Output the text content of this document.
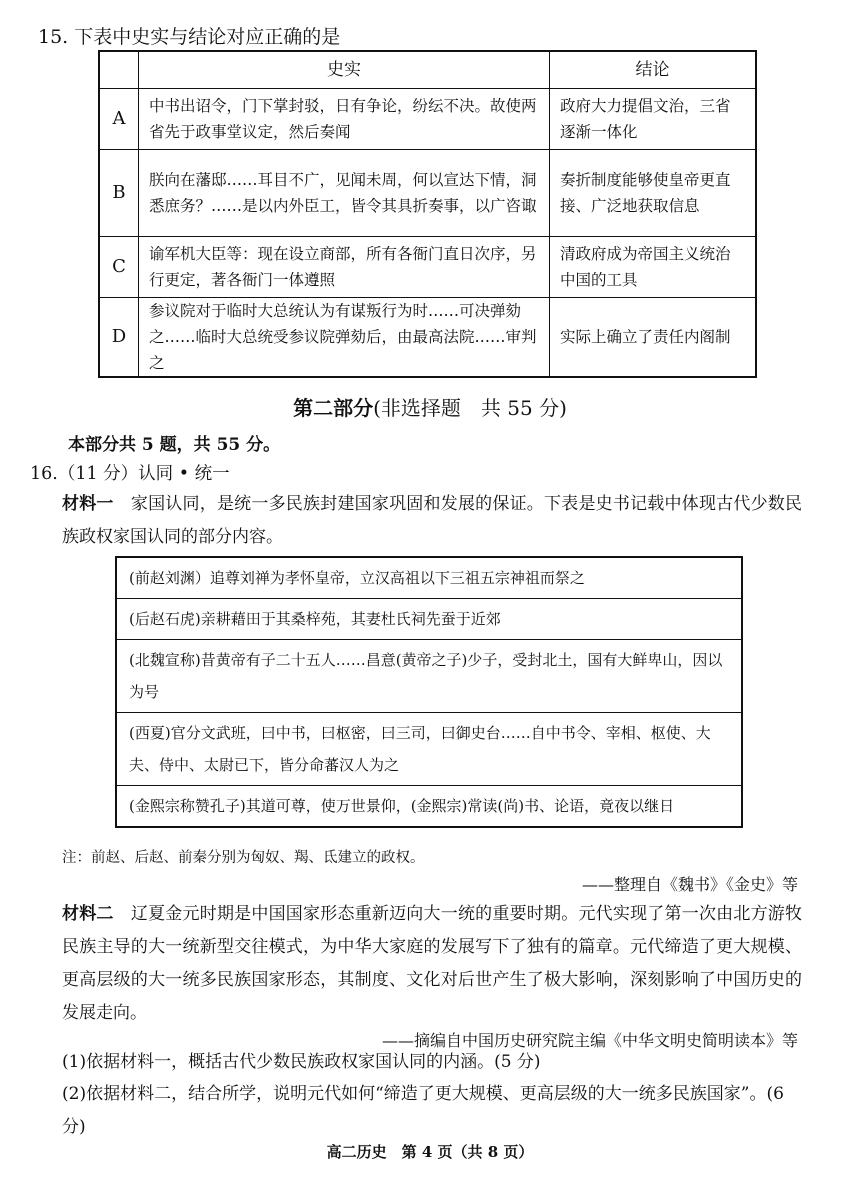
15. 下表中史实与结论对应正确的是
	史实	结论
A	中书出诏令，门下掌封驳，日有争论，纷纭不决。故使两省先于政事堂议定，然后奏闻	政府大力提倡文治，三省逐渐一体化
B	朕向在藩邸……耳目不广，见闻未周，何以宣达下情，洞悉庶务？……是以内外臣工，皆令其具折奏事，以广咨诹	奏折制度能够使皇帝更直接、广泛地获取信息
C	谕军机大臣等：现在设立商部，所有各衙门直日次序，另行更定，著各衙门一体遵照	清政府成为帝国主义统治中国的工具
D	参议院对于临时大总统认为有谋叛行为时……可决弹劾之……临时大总统受参议院弹劾后，由最高法院……审判之	实际上确立了责任内阁制
第二部分(非选择题　共 55 分)
本部分共 5 题，共 55 分。
16.（11 分）认同 • 统一
材料一　家国认同，是统一多民族封建国家巩固和发展的保证。下表是史书记载中体现古代少数民族政权家国认同的部分内容。
(前赵刘渊）追尊刘禅为孝怀皇帝，立汉高祖以下三祖五宗神祖而祭之
(后赵石虎)亲耕藉田于其桑梓苑，其妻杜氏祠先蚕于近郊
(北魏宣称)昔黄帝有子二十五人……昌意(黄帝之子)少子，受封北土，国有大鲜卑山，因以为号
(西夏)官分文武班，曰中书，曰枢密，曰三司，曰御史台……自中书令、宰相、枢使、大夫、侍中、太尉已下，皆分命蕃汉人为之
(金熙宗称赞孔子)其道可尊，使万世景仰，(金熙宗)常读(尚)书、论语，竟夜以继日
注：前赵、后赵、前秦分别为匈奴、羯、氐建立的政权。
——整理自《魏书》《金史》等
材料二　辽夏金元时期是中国国家形态重新迈向大一统的重要时期。元代实现了第一次由北方游牧民族主导的大一统新型交往模式，为中华大家庭的发展写下了独有的篇章。元代缔造了更大规模、更高层级的大一统多民族国家形态，其制度、文化对后世产生了极大影响，深刻影响了中国历史的发展走向。
——摘编自中国历史研究院主编《中华文明史简明读本》等
(1)依据材料一，概括古代少数民族政权家国认同的内涵。(5 分)
(2)依据材料二，结合所学，说明元代如何“缔造了更大规模、更高层级的大一统多民族国家”。(6 分)
高二历史　第 4 页（共 8 页）
